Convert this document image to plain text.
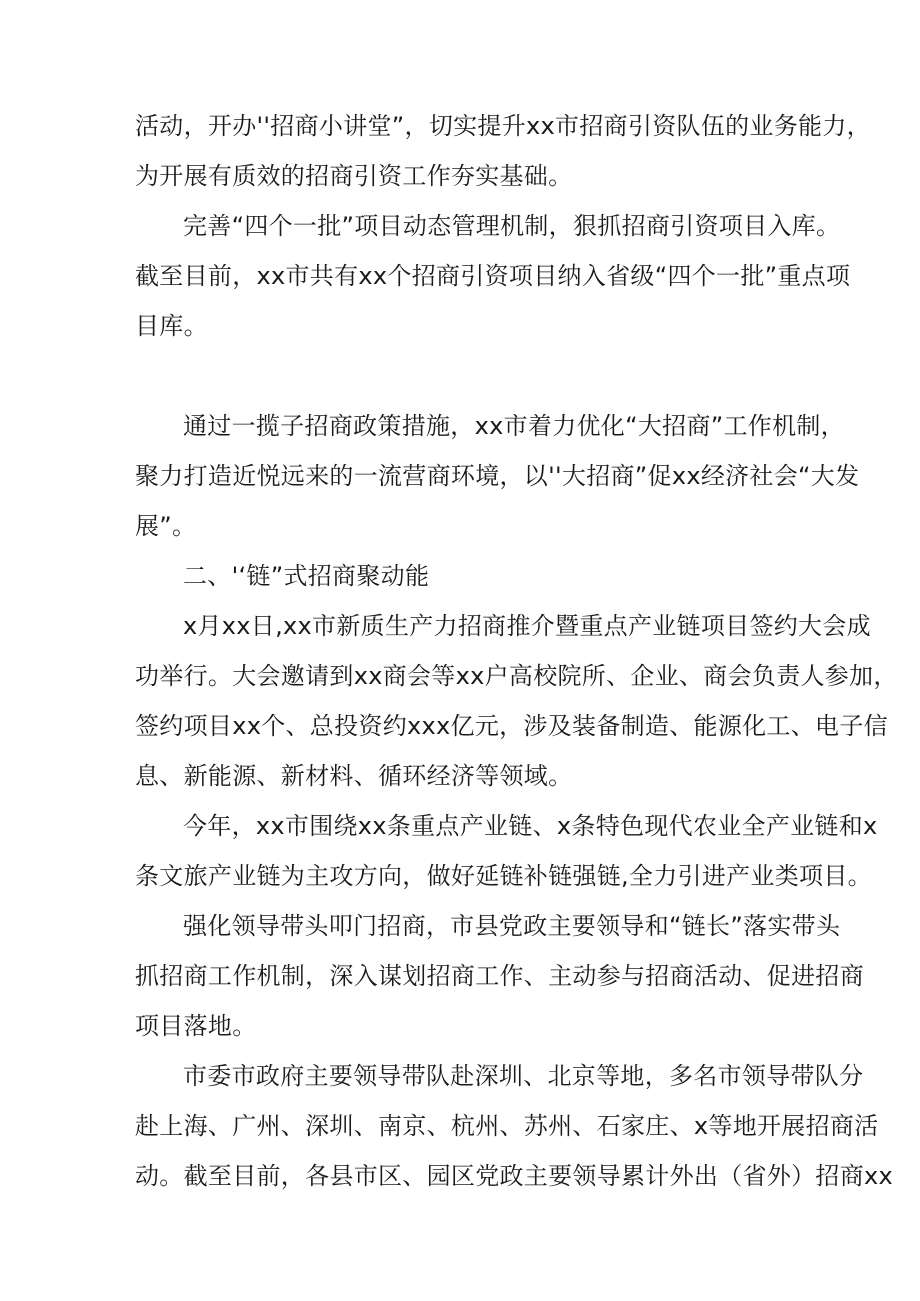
活动，开办''招商小讲堂”，切实提升xx市招商引资队伍的业务能力，

为开展有质效的招商引资工作夯实基础。

完善“四个一批”项目动态管理机制，狠抓招商引资项目入库。

截至目前，xx市共有xx个招商引资项目纳入省级“四个一批”重点项

目库。

通过一揽子招商政策措施，xx市着力优化“大招商”工作机制，

聚力打造近悦远来的一流营商环境，以''大招商”促xx经济社会“大发

展”。

二、'‘链”式招商聚动能

x月xx日,xx市新质生产力招商推介暨重点产业链项目签约大会成

功举行。大会邀请到xx商会等xx户高校院所、企业、商会负责人参加，

签约项目xx个、总投资约xxx亿元，涉及装备制造、能源化工、电子信

息、新能源、新材料、循环经济等领域。

今年，xx市围绕xx条重点产业链、x条特色现代农业全产业链和x

条文旅产业链为主攻方向，做好延链补链强链,全力引进产业类项目。

强化领导带头叩门招商，市县党政主要领导和“链长”落实带头

抓招商工作机制，深入谋划招商工作、主动参与招商活动、促进招商

项目落地。

市委市政府主要领导带队赴深圳、北京等地，多名市领导带队分

赴上海、广州、深圳、南京、杭州、苏州、石家庄、x等地开展招商活

动。截至目前，各县市区、园区党政主要领导累计外出（省外）招商xx
